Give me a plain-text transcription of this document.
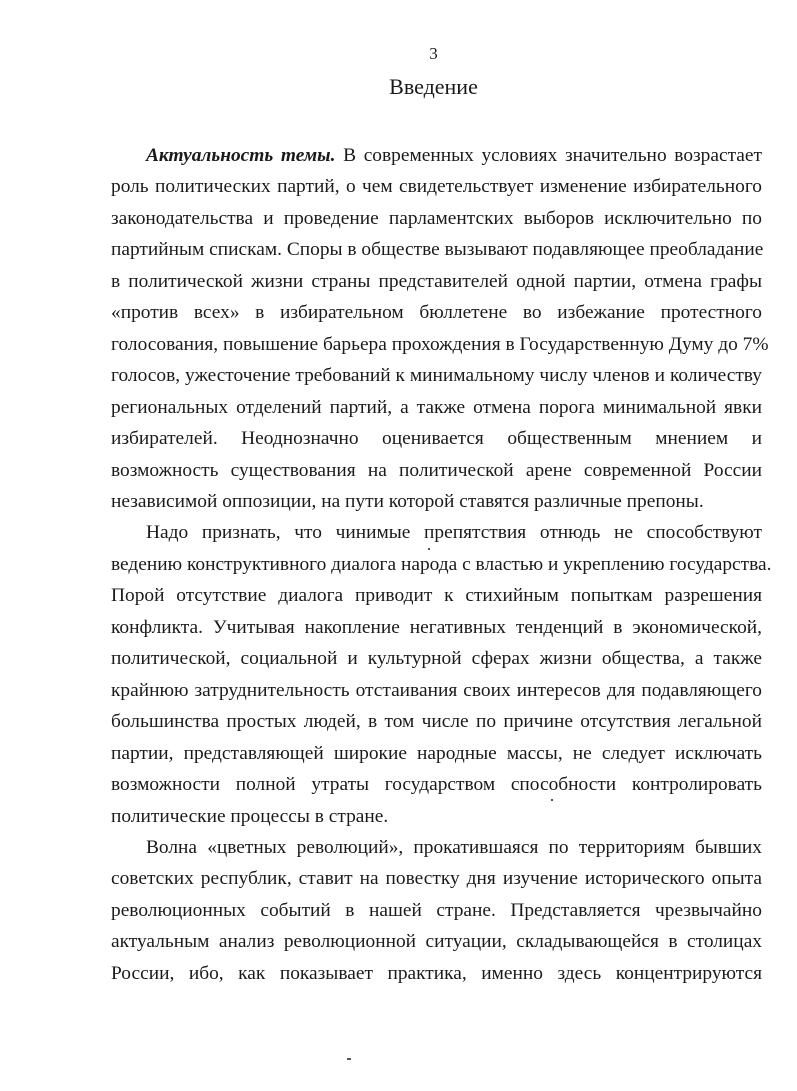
3
Введение
Актуальность темы. В современных условиях значительно возрастает
роль политических партий, о чем свидетельствует изменение избирательного
законодательства и проведение парламентских выборов исключительно по
партийным спискам. Споры в обществе вызывают подавляющее преобладание
в политической жизни страны представителей одной партии, отмена графы
«против всех» в избирательном бюллетене во избежание протестного
голосования, повышение барьера прохождения в Государственную Думу до 7%
голосов, ужесточение требований к минимальному числу членов и количеству
региональных отделений партий, а также отмена порога минимальной явки
избирателей. Неоднозначно оценивается общественным мнением и
возможность существования на политической арене современной России
независимой оппозиции, на пути которой ставятся различные препоны.
Надо признать, что чинимые препятствия отнюдь не способствуют
ведению конструктивного диалога народа с властью и укреплению государства.
Порой отсутствие диалога приводит к стихийным попыткам разрешения
конфликта. Учитывая накопление негативных тенденций в экономической,
политической, социальной и культурной сферах жизни общества, а также
крайнюю затруднительность отстаивания своих интересов для подавляющего
большинства простых людей, в том числе по причине отсутствия легальной
партии, представляющей широкие народные массы, не следует исключать
возможности полной утраты государством способности контролировать
политические процессы в стране.
Волна «цветных революций», прокатившаяся по территориям бывших
советских республик, ставит на повестку дня изучение исторического опыта
революционных событий в нашей стране. Представляется чрезвычайно
актуальным анализ революционной ситуации, складывающейся в столицах
России, ибо, как показывает практика, именно здесь концентрируются
